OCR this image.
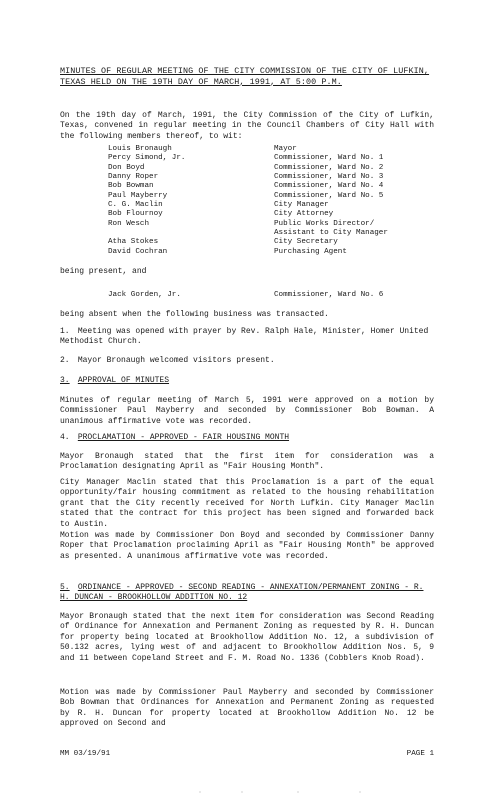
MINUTES OF REGULAR MEETING OF THE CITY COMMISSION OF THE CITY OF LUFKIN, TEXAS HELD ON THE 19TH DAY OF MARCH, 1991, AT 5:00 P.M.

On the 19th day of March, 1991, the City Commission of the City of Lufkin, Texas, convened in regular meeting in the Council Chambers of City Hall with the following members thereof, to wit:

Louis Bronaugh	Mayor
Percy Simond, Jr.	Commissioner, Ward No. 1
Don Boyd	Commissioner, Ward No. 2
Danny Roper	Commissioner, Ward No. 3
Bob Bowman	Commissioner, Ward No. 4
Paul Mayberry	Commissioner, Ward No. 5
C. G. Maclin	City Manager
Bob Flournoy	City Attorney
Ron Wesch	Public Works Director/
Assistant to City Manager
Atha Stokes	City Secretary
David Cochran	Purchasing Agent
being present, and
Jack Gorden, Jr.	Commissioner, Ward No. 6
being absent when the following business was transacted.
1. Meeting was opened with prayer by Rev. Ralph Hale, Minister, Homer United Methodist Church.
2. Mayor Bronaugh welcomed visitors present.
3. APPROVAL OF MINUTES

Minutes of regular meeting of March 5, 1991 were approved on a motion by Commissioner Paul Mayberry and seconded by Commissioner Bob Bowman. A unanimous affirmative vote was recorded.

4. PROCLAMATION - APPROVED - FAIR HOUSING MONTH

Mayor Bronaugh stated that the first item for consideration was a Proclamation designating April as "Fair Housing Month".

City Manager Maclin stated that this Proclamation is a part of the equal opportunity/fair housing commitment as related to the housing rehabilitation grant that the City recently received for North Lufkin. City Manager Maclin stated that the contract for this project has been signed and forwarded back to Austin.

Motion was made by Commissioner Don Boyd and seconded by Commissioner Danny Roper that Proclamation proclaiming April as "Fair Housing Month" be approved as presented. A unanimous affirmative vote was recorded.

5. ORDINANCE - APPROVED - SECOND READING - ANNEXATION/PERMANENT ZONING - R. H. DUNCAN - BROOKHOLLOW ADDITION NO. 12

Mayor Bronaugh stated that the next item for consideration was Second Reading of Ordinance for Annexation and Permanent Zoning as requested by R. H. Duncan for property being located at Brookhollow Addition No. 12, a subdivision of 50.132 acres, lying west of and adjacent to Brookhollow Addition Nos. 5, 9 and 11 between Copeland Street and F. M. Road No. 1336 (Cobblers Knob Road).

Motion was made by Commissioner Paul Mayberry and seconded by Commissioner Bob Bowman that Ordinances for Annexation and Permanent Zoning as requested by R. H. Duncan for property located at Brookhollow Addition No. 12 be approved on Second and

MM 03/19/91	PAGE 1
